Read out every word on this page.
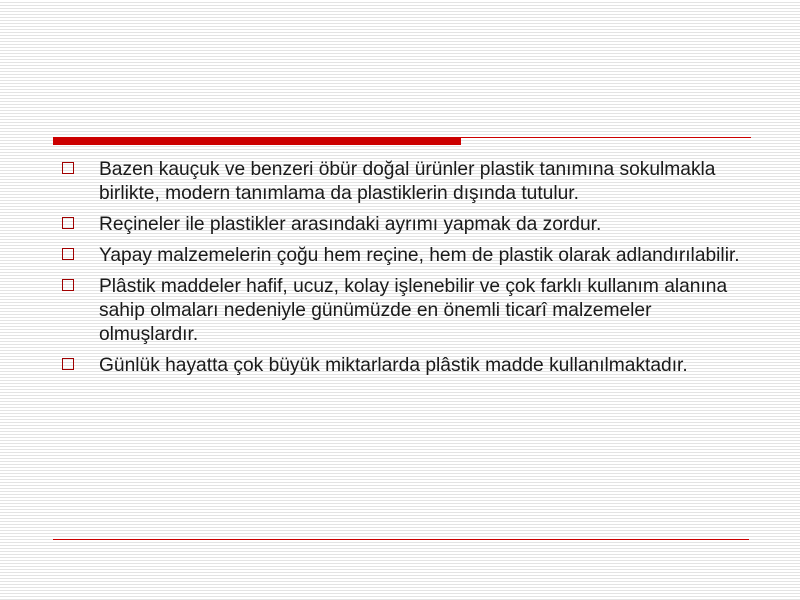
Bazen kauçuk ve benzeri öbür doğal ürünler plastik tanımına sokulmakla birlikte, modern tanımlama da plastiklerin dışında tutulur.
Reçineler ile plastikler arasındaki ayrımı yapmak da zordur.
Yapay malzemelerin çoğu hem reçine, hem de plastik olarak adlandırılabilir.
Plâstik maddeler hafif, ucuz, kolay işlenebilir ve çok farklı kullanım alanına sahip olmaları nedeniyle günümüzde en önemli ticarî malzemeler olmuşlardır.
Günlük hayatta çok büyük miktarlarda plâstik madde kullanılmaktadır.
